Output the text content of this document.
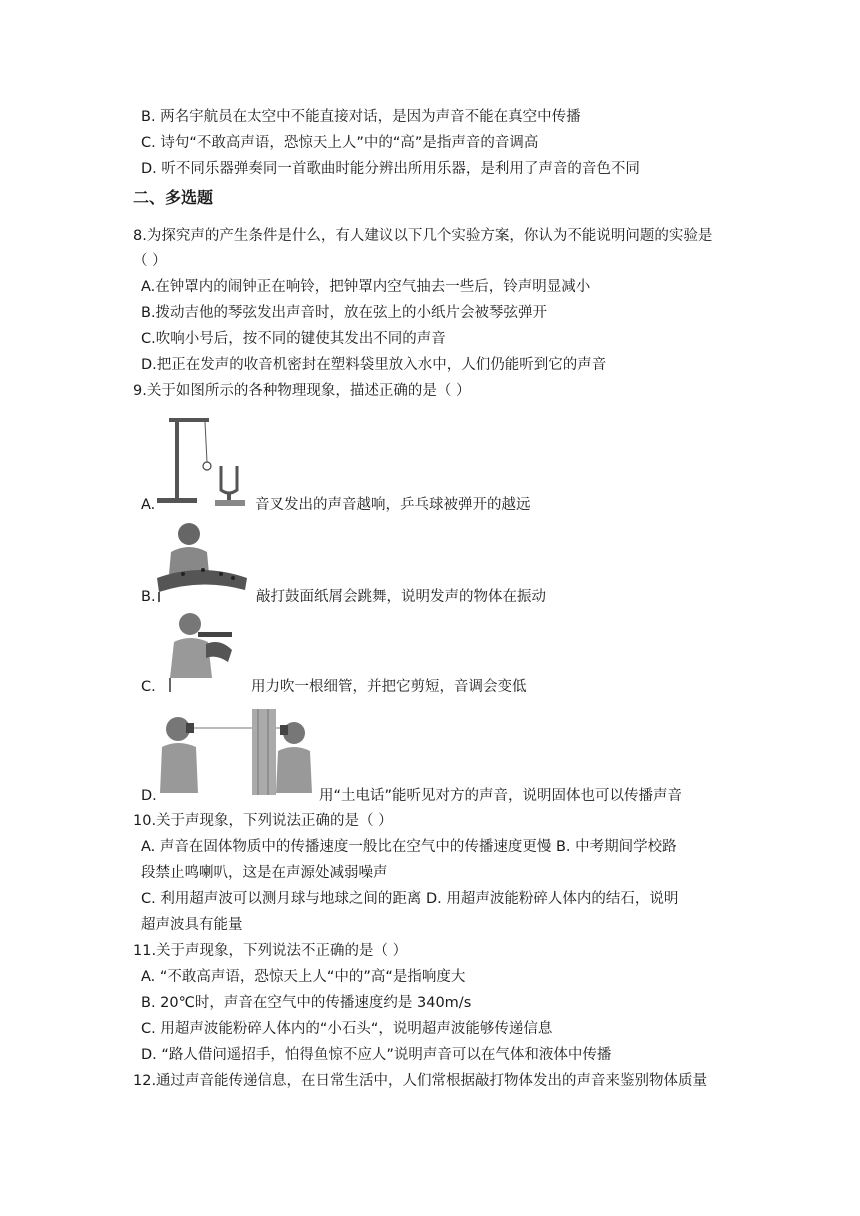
B. 两名宇航员在太空中不能直接对话，是因为声音不能在真空中传播
C. 诗句“不敢高声语，恐惊天上人”中的“高”是指声音的音调高
D. 听不同乐器弹奏同一首歌曲时能分辨出所用乐器，是利用了声音的音色不同
二、多选题
8.为探究声的产生条件是什么，有人建议以下几个实验方案，你认为不能说明问题的实验是
（ ）
A.在钟罩内的闹钟正在响铃，把钟罩内空气抽去一些后，铃声明显减小
B.拨动吉他的琴弦发出声音时，放在弦上的小纸片会被琴弦弹开
C.吹响小号后，按不同的键使其发出不同的声音
D.把正在发声的收音机密封在塑料袋里放入水中，人们仍能听到它的声音
9.关于如图所示的各种物理现象，描述正确的是（ ）
A.	音叉发出的声音越响，乒乓球被弹开的越远
B.	敲打鼓面纸屑会跳舞，说明发声的物体在振动
C.	用力吹一根细管，并把它剪短，音调会变低
D.	用“土电话”能听见对方的声音，说明固体也可以传播声音
10.关于声现象，下列说法正确的是（ ）
A. 声音在固体物质中的传播速度一般比在空气中的传播速度更慢 B. 中考期间学校路
段禁止鸣喇叭，这是在声源处减弱噪声
C. 利用超声波可以测月球与地球之间的距离 D. 用超声波能粉碎人体内的结石，说明
超声波具有能量
11.关于声现象，下列说法不正确的是（ ）
A. “不敢高声语，恐惊天上人“中的”高“是指响度大
B. 20℃时，声音在空气中的传播速度约是 340m/s
C. 用超声波能粉碎人体内的“小石头“，说明超声波能够传递信息
D. “路人借问遥招手，怕得鱼惊不应人”说明声音可以在气体和液体中传播
12.通过声音能传递信息，在日常生活中，人们常根据敲打物体发出的声音来鉴别物体质量
